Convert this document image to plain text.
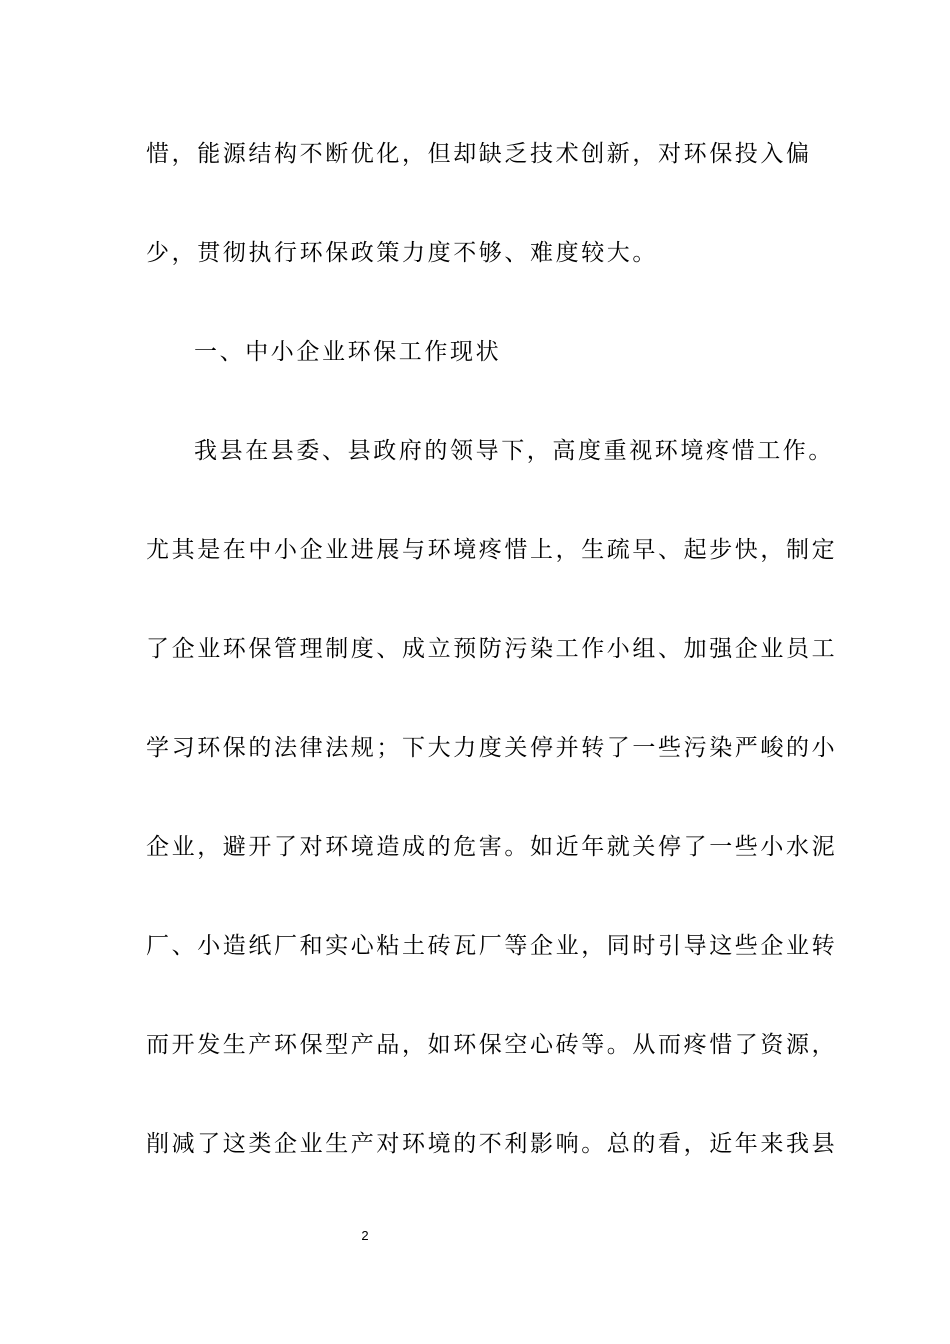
惜，能源结构不断优化，但却缺乏技术创新，对环保投入偏
少，贯彻执行环保政策力度不够、难度较大。
一、中小企业环保工作现状
我县在县委、县政府的领导下，高度重视环境疼惜工作。
尤其是在中小企业进展与环境疼惜上，生疏早、起步快，制定
了企业环保管理制度、成立预防污染工作小组、加强企业员工
学习环保的法律法规；下大力度关停并转了一些污染严峻的小
企业，避开了对环境造成的危害。如近年就关停了一些小水泥
厂、小造纸厂和实心粘土砖瓦厂等企业，同时引导这些企业转
而开发生产环保型产品，如环保空心砖等。从而疼惜了资源，
削减了这类企业生产对环境的不利影响。总的看，近年来我县
2
